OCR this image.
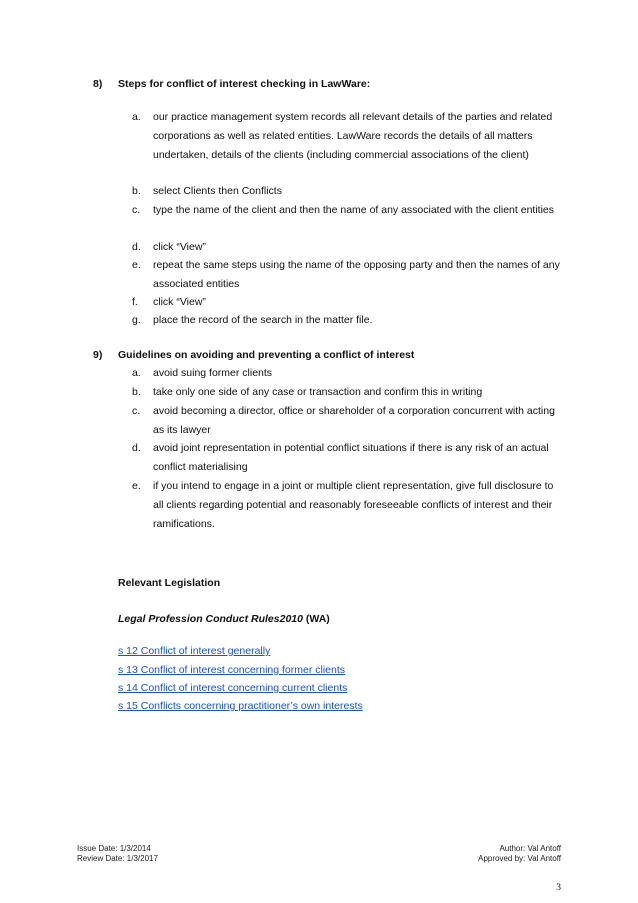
8) Steps for conflict of interest checking in LawWare:
a. our practice management system records all relevant details of the parties and related corporations as well as related entities. LawWare records the details of all matters undertaken, details of the clients (including commercial associations of the client)
b. select Clients then Conflicts
c. type the name of the client and then the name of any associated with the client entities
d. click “View”
e. repeat the same steps using the name of the opposing party and then the names of any associated entities
f. click “View”
g. place the record of the search in the matter file.
9) Guidelines on avoiding and preventing a conflict of interest
a. avoid suing former clients
b. take only one side of any case or transaction and confirm this in writing
c. avoid becoming a director, office or shareholder of a corporation concurrent with acting as its lawyer
d. avoid joint representation in potential conflict situations if there is any risk of an actual conflict materialising
e. if you intend to engage in a joint or multiple client representation, give full disclosure to all clients regarding potential and reasonably foreseeable conflicts of interest and their ramifications.
Relevant Legislation
Legal Profession Conduct Rules2010 (WA)
s 12 Conflict of interest generally
s 13 Conflict of interest concerning former clients
s 14 Conflict of interest concerning current clients
s 15 Conflicts concerning practitioner’s own interests
Issue Date: 1/3/2014
Review Date: 1/3/2017
Author: Val Antoff
Approved by: Val Antoff
3
